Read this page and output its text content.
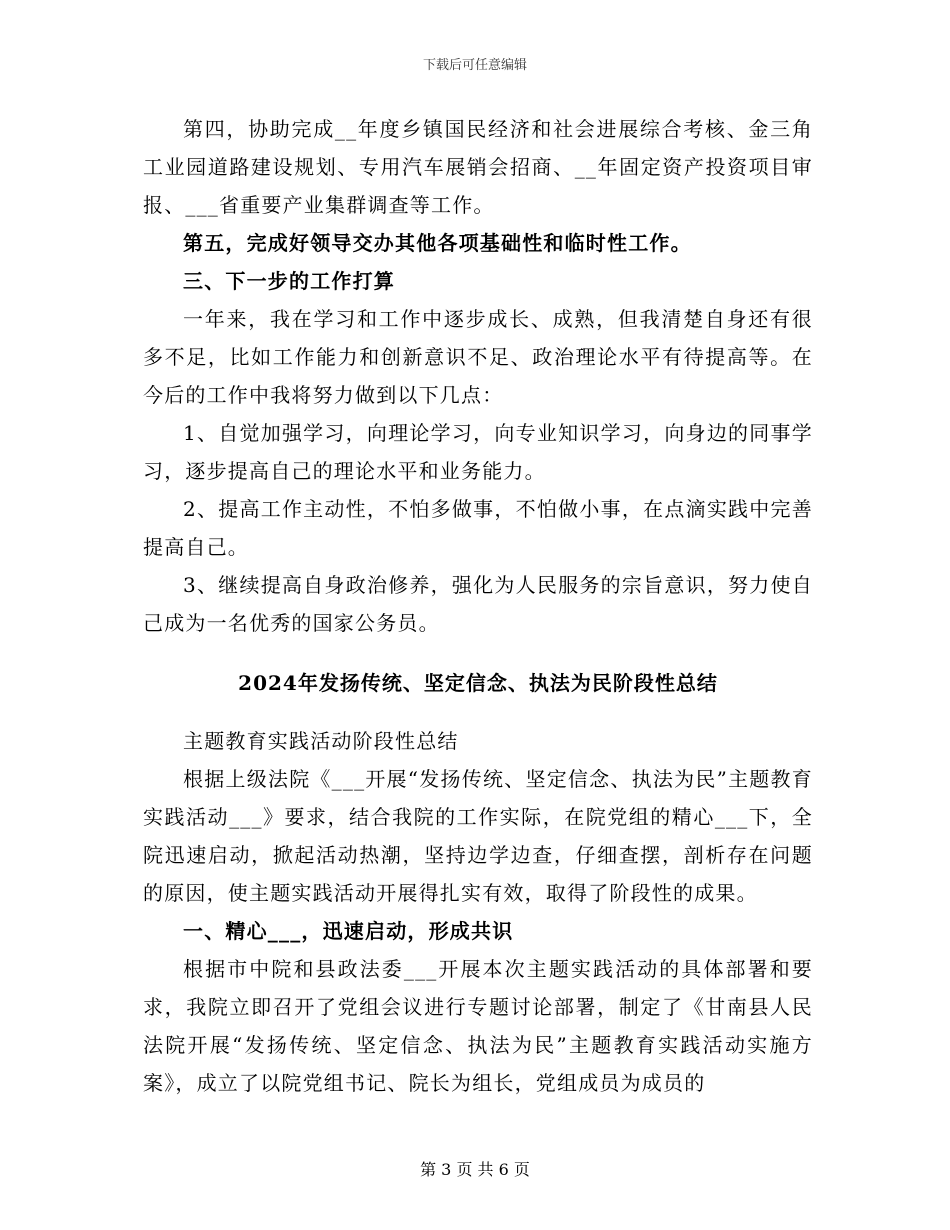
下载后可任意编辑

第四，协助完成__年度乡镇国民经济和社会进展综合考核、金三角工业园道路建设规划、专用汽车展销会招商、__年固定资产投资项目审报、___省重要产业集群调查等工作。

第五，完成好领导交办其他各项基础性和临时性工作。

三、下一步的工作打算

一年来，我在学习和工作中逐步成长、成熟，但我清楚自身还有很多不足，比如工作能力和创新意识不足、政治理论水平有待提高等。在今后的工作中我将努力做到以下几点：

1、自觉加强学习，向理论学习，向专业知识学习，向身边的同事学习，逐步提高自己的理论水平和业务能力。

2、提高工作主动性，不怕多做事，不怕做小事，在点滴实践中完善提高自己。

3、继续提高自身政治修养，强化为人民服务的宗旨意识，努力使自己成为一名优秀的国家公务员。

2024年发扬传统、坚定信念、执法为民阶段性总结

主题教育实践活动阶段性总结

根据上级法院《___开展“发扬传统、坚定信念、执法为民”主题教育实践活动___》要求，结合我院的工作实际，在院党组的精心___下，全院迅速启动，掀起活动热潮，坚持边学边查，仔细查摆，剖析存在问题的原因，使主题实践活动开展得扎实有效，取得了阶段性的成果。

一、精心___，迅速启动，形成共识

根据市中院和县政法委___开展本次主题实践活动的具体部署和要求，我院立即召开了党组会议进行专题讨论部署，制定了《甘南县人民法院开展“发扬传统、坚定信念、执法为民”主题教育实践活动实施方案》，成立了以院党组书记、院长为组长，党组成员为成员的

第 3 页 共 6 页
